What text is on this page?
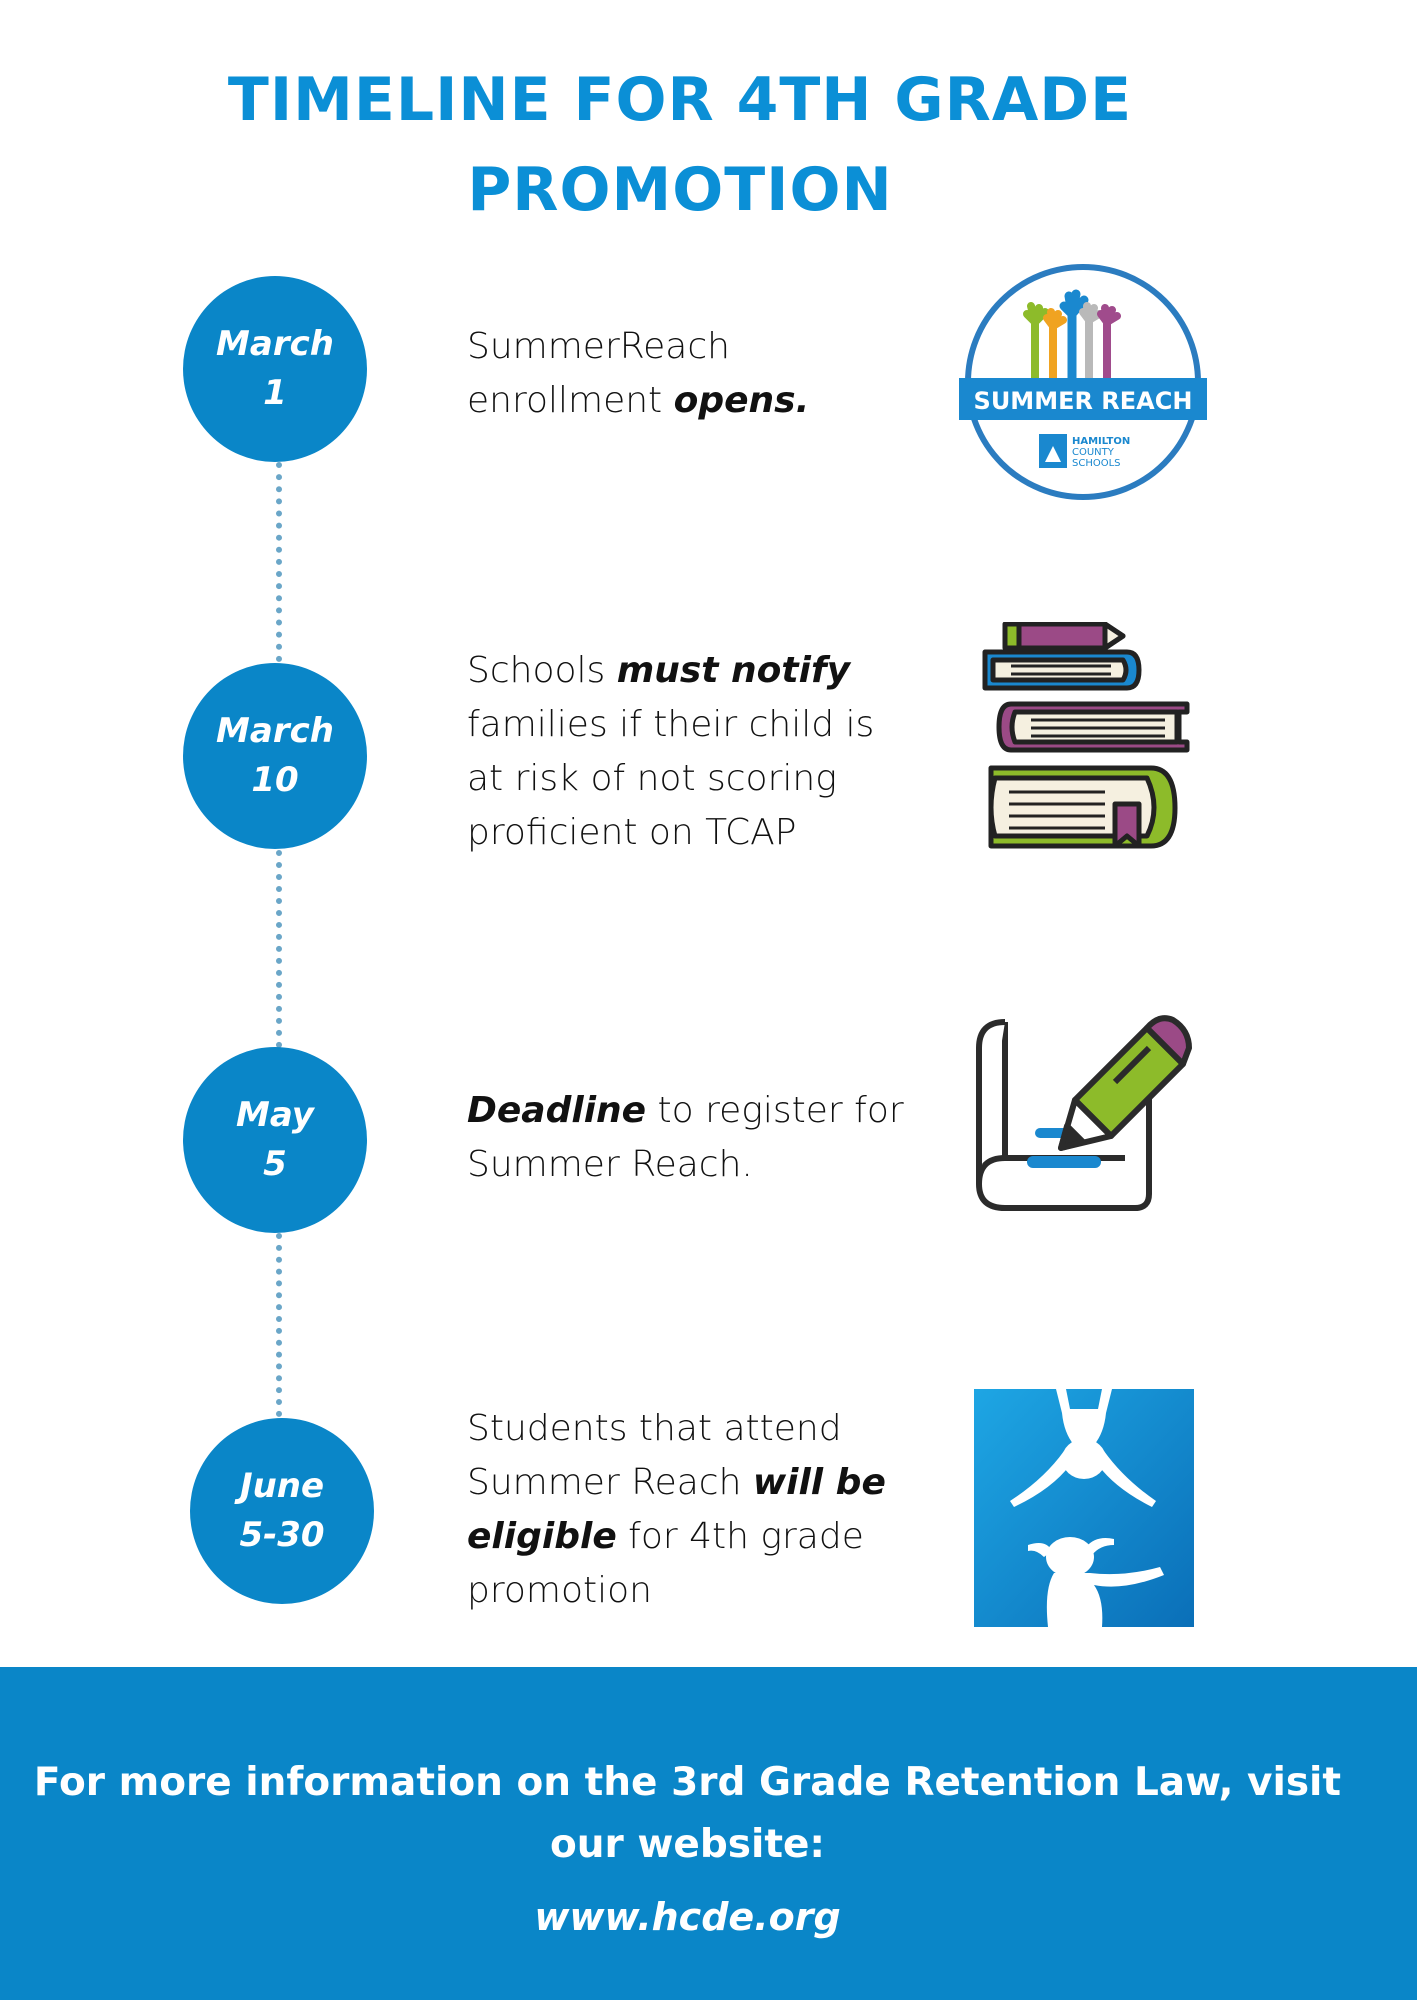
TIMELINE FOR 4TH GRADE
PROMOTION
March
1
SummerReach enrollment opens.	SUMMER REACH
HAMILTON
COUNTY
SCHOOLS
March
10
Schools must notify families if their child is at risk of not scoring proficient on TCAP
May
5
Deadline to register for Summer Reach.
June
5-30
Students that attend Summer Reach will be eligible for 4th grade promotion
For more information on the 3rd Grade Retention Law, visit our website:
www.hcde.org
